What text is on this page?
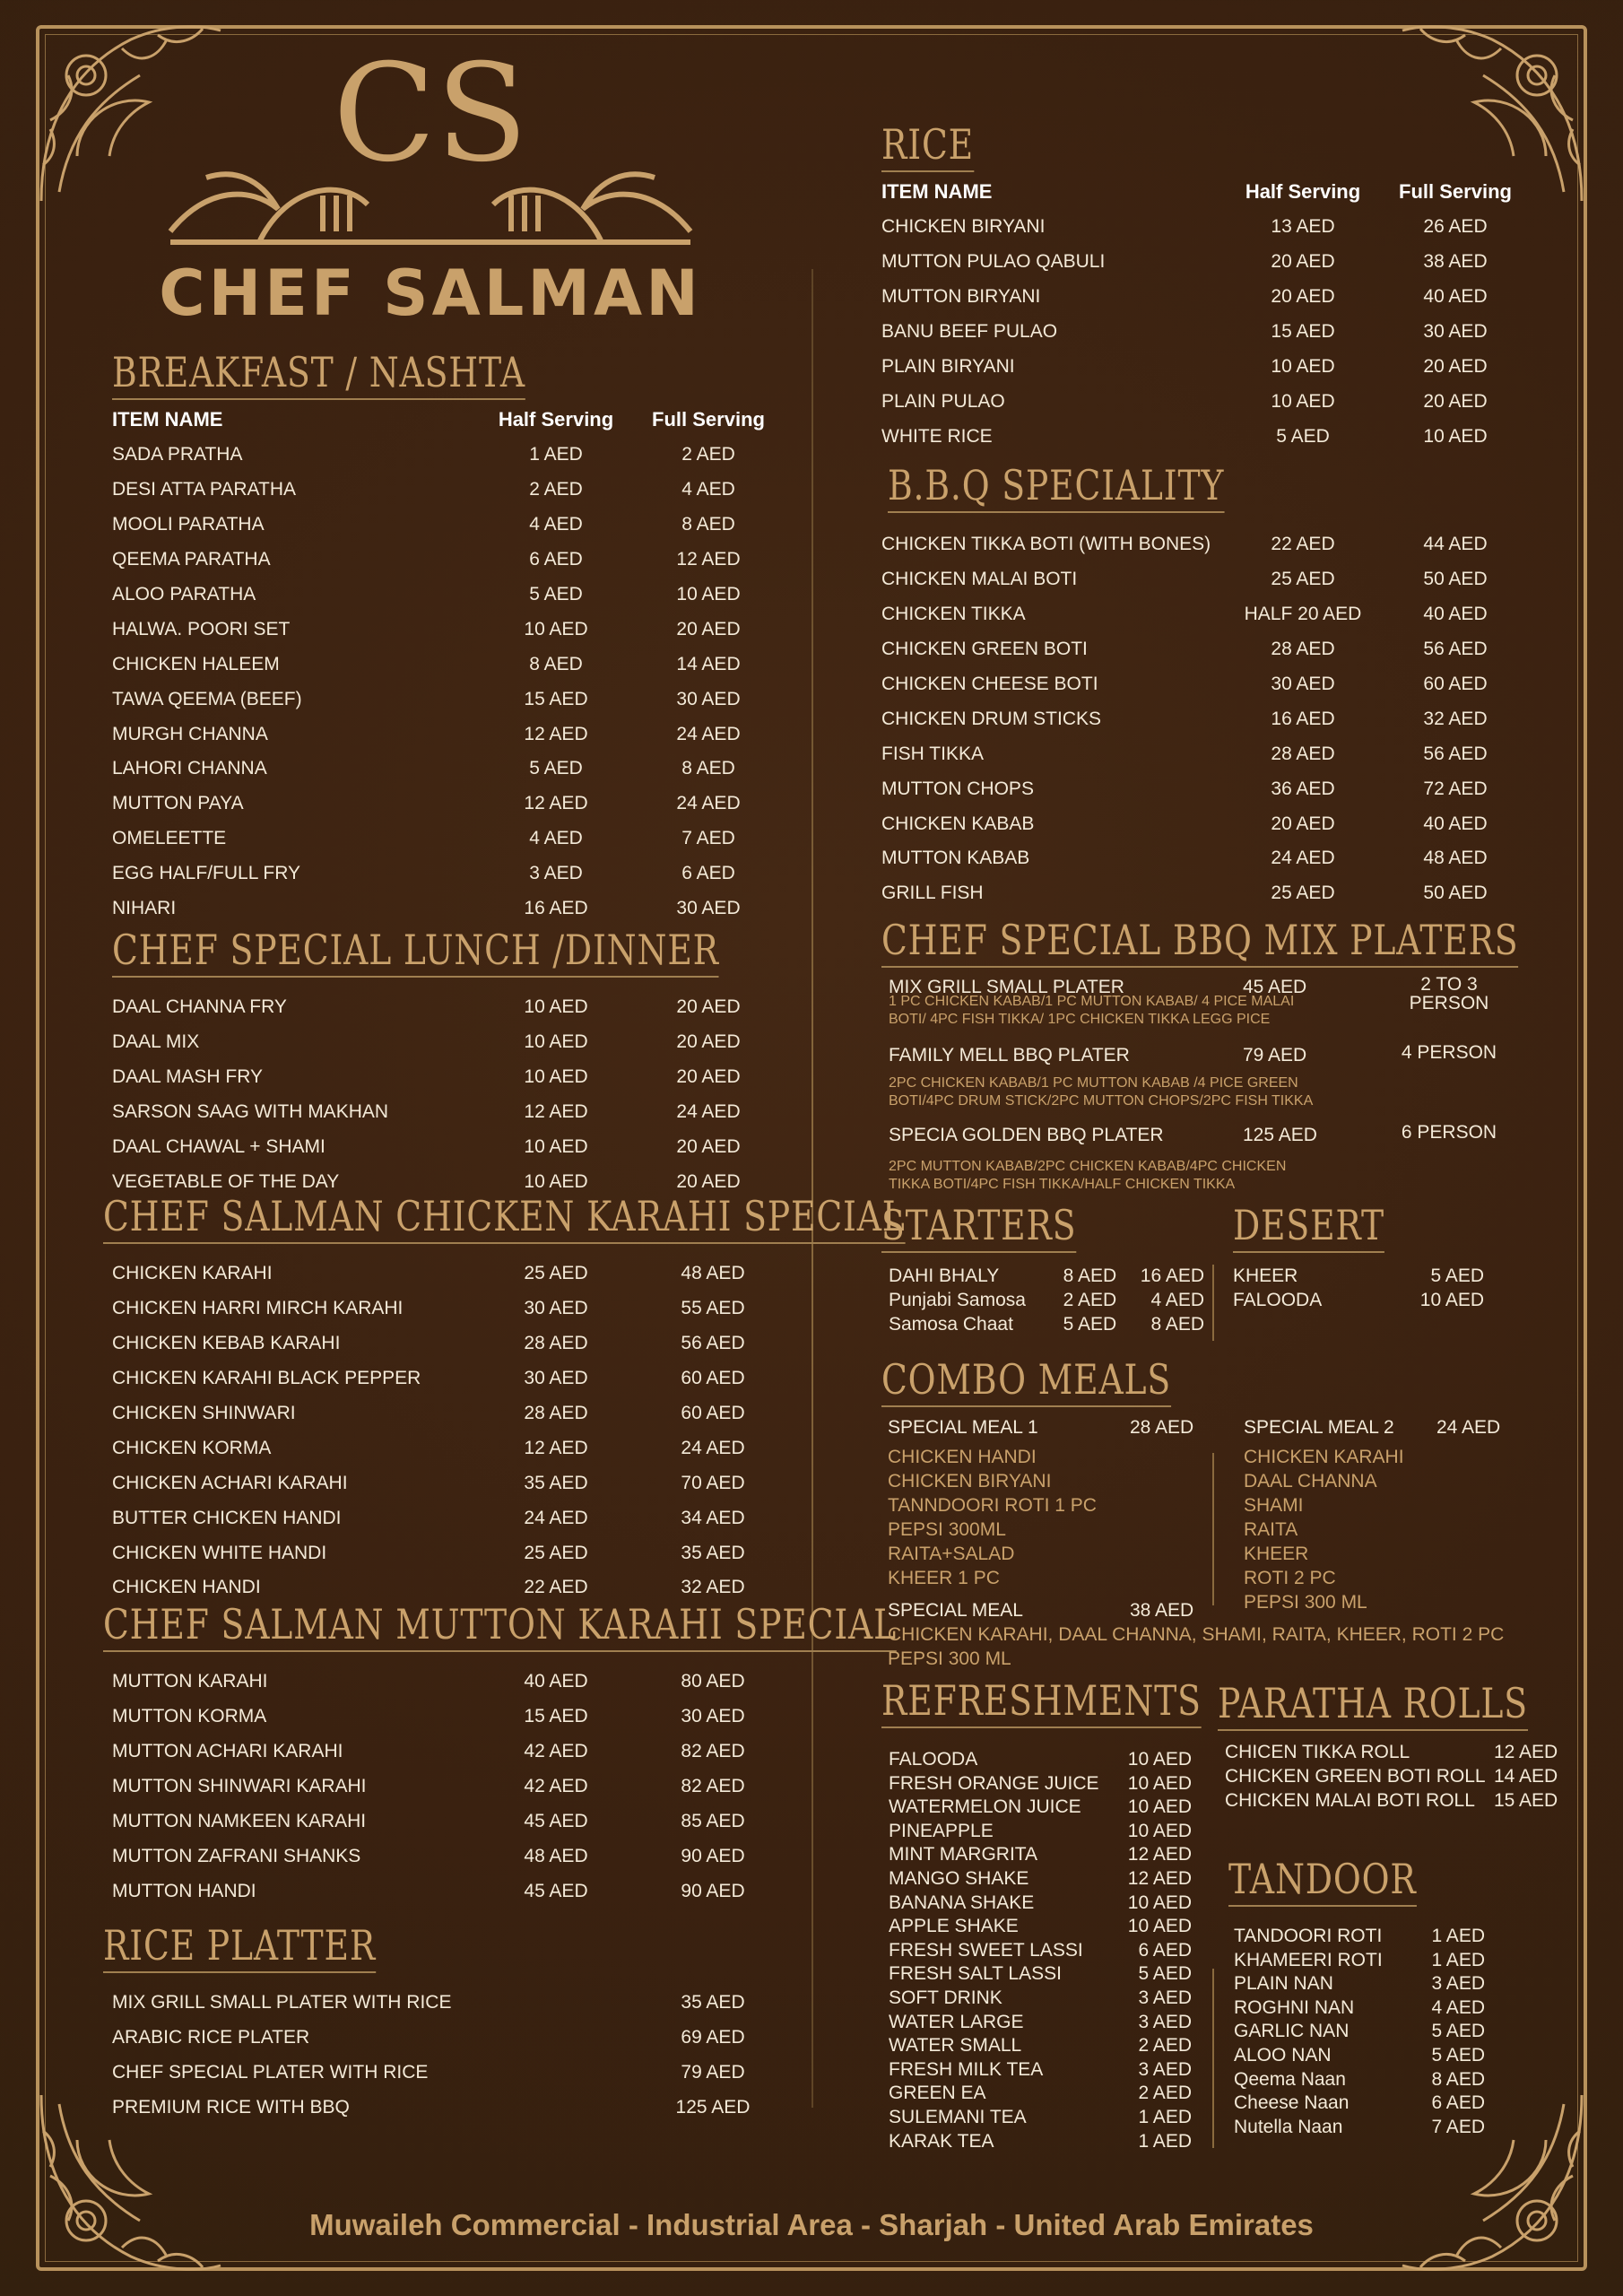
CS
CHEF SALMAN
BREAKFAST / NASHTA
ITEM NAME	Half Serving	Full Serving
SADA PRATHA	1 AED	2 AED
DESI ATTA PARATHA	2 AED	4 AED
MOOLI PARATHA	4 AED	8 AED
QEEMA PARATHA	6 AED	12 AED
ALOO PARATHA	5 AED	10 AED
HALWA. POORI SET	10 AED	20 AED
CHICKEN HALEEM	8 AED	14 AED
TAWA QEEMA (BEEF)	15 AED	30 AED
MURGH CHANNA	12 AED	24 AED
LAHORI CHANNA	5 AED	8 AED
MUTTON PAYA	12 AED	24 AED
OMELEETTE	4 AED	7 AED
EGG HALF/FULL FRY	3 AED	6 AED
NIHARI	16 AED	30 AED
CHEF SPECIAL LUNCH /DINNER
DAAL CHANNA FRY	10 AED	20 AED
DAAL MIX	10 AED	20 AED
DAAL MASH FRY	10 AED	20 AED
SARSON SAAG WITH MAKHAN	12 AED	24 AED
DAAL CHAWAL + SHAMI	10 AED	20 AED
VEGETABLE OF THE DAY	10 AED	20 AED
CHEF SALMAN CHICKEN KARAHI SPECIAL
CHICKEN KARAHI	25 AED	48 AED
CHICKEN HARRI MIRCH KARAHI	30 AED	55 AED
CHICKEN KEBAB KARAHI	28 AED	56 AED
CHICKEN KARAHI BLACK PEPPER	30 AED	60 AED
CHICKEN SHINWARI	28 AED	60 AED
CHICKEN KORMA	12 AED	24 AED
CHICKEN ACHARI KARAHI	35 AED	70 AED
BUTTER CHICKEN HANDI	24 AED	34 AED
CHICKEN WHITE HANDI	25 AED	35 AED
CHICKEN HANDI	22 AED	32 AED
CHEF SALMAN MUTTON KARAHI SPECIAL
MUTTON KARAHI	40 AED	80 AED
MUTTON KORMA	15 AED	30 AED
MUTTON ACHARI KARAHI	42 AED	82 AED
MUTTON SHINWARI KARAHI	42 AED	82 AED
MUTTON NAMKEEN KARAHI	45 AED	85 AED
MUTTON ZAFRANI SHANKS	48 AED	90 AED
MUTTON HANDI	45 AED	90 AED
RICE PLATTER
MIX GRILL SMALL PLATER WITH RICE	35 AED
ARABIC RICE PLATER	69 AED
CHEF SPECIAL PLATER WITH RICE	79 AED
PREMIUM RICE WITH BBQ	125 AED
RICE
ITEM NAME	Half Serving	Full Serving
CHICKEN BIRYANI	13 AED	26 AED
MUTTON PULAO QABULI	20 AED	38 AED
MUTTON BIRYANI	20 AED	40 AED
BANU BEEF PULAO	15 AED	30 AED
PLAIN BIRYANI	10 AED	20 AED
PLAIN PULAO	10 AED	20 AED
WHITE RICE	5 AED	10 AED
B.B.Q SPECIALITY
CHICKEN TIKKA BOTI (WITH BONES)	22 AED	44 AED
CHICKEN MALAI BOTI	25 AED	50 AED
CHICKEN TIKKA	HALF 20 AED	40 AED
CHICKEN GREEN BOTI	28 AED	56 AED
CHICKEN CHEESE BOTI	30 AED	60 AED
CHICKEN DRUM STICKS	16 AED	32 AED
FISH TIKKA	28 AED	56 AED
MUTTON CHOPS	36 AED	72 AED
CHICKEN KABAB	20 AED	40 AED
MUTTON KABAB	24 AED	48 AED
GRILL FISH	25 AED	50 AED
CHEF SPECIAL BBQ MIX PLATERS
MIX GRILL SMALL PLATER	45 AED	2 TO 3
PERSON
1 PC CHICKEN KABAB/1 PC MUTTON KABAB/ 4 PICE MALAI
BOTI/ 4PC FISH TIKKA/ 1PC CHICKEN TIKKA LEGG PICE
FAMILY MELL BBQ PLATER	79 AED	4 PERSON
2PC CHICKEN KABAB/1 PC MUTTON KABAB /4 PICE GREEN
BOTI/4PC DRUM STICK/2PC MUTTON CHOPS/2PC FISH TIKKA
SPECIA GOLDEN BBQ PLATER	125 AED	6 PERSON
2PC MUTTON KABAB/2PC CHICKEN KABAB/4PC CHICKEN
TIKKA BOTI/4PC FISH TIKKA/HALF CHICKEN TIKKA
STARTERS
DAHI BHALY	8 AED	16 AED
Punjabi Samosa	2 AED	4 AED
Samosa Chaat	5 AED	8 AED
DESERT
KHEER	5 AED
FALOODA	10 AED
COMBO MEALS
SPECIAL MEAL 1	28 AED
CHICKEN HANDI
CHICKEN BIRYANI
TANNDOORI ROTI 1 PC
PEPSI 300ML
RAITA+SALAD
KHEER 1 PC
SPECIAL MEAL 2	24 AED
CHICKEN KARAHI
DAAL CHANNA
SHAMI
RAITA
KHEER
ROTI 2 PC
PEPSI 300 ML
SPECIAL MEAL	38 AED
CHICKEN KARAHI, DAAL CHANNA, SHAMI, RAITA, KHEER, ROTI 2 PC
PEPSI 300 ML
REFRESHMENTS
FALOODA	10 AED
FRESH ORANGE JUICE	10 AED
WATERMELON JUICE	10 AED
PINEAPPLE	10 AED
MINT MARGRITA	12 AED
MANGO SHAKE	12 AED
BANANA SHAKE	10 AED
APPLE SHAKE	10 AED
FRESH SWEET LASSI	6 AED
FRESH SALT LASSI	5 AED
SOFT DRINK	3 AED
WATER LARGE	3 AED
WATER SMALL	2 AED
FRESH MILK TEA	3 AED
GREEN EA	2 AED
SULEMANI TEA	1 AED
KARAK TEA	1 AED
PARATHA ROLLS
CHICEN TIKKA ROLL	12 AED
CHICKEN GREEN BOTI ROLL 14 AED
CHICKEN MALAI BOTI ROLL	15 AED
TANDOOR
TANDOORI ROTI	1 AED
KHAMEERI ROTI	1 AED
PLAIN NAN	3 AED
ROGHNI NAN	4 AED
GARLIC NAN	5 AED
ALOO NAN	5 AED
Qeema Naan	8 AED
Cheese Naan	6 AED
Nutella Naan	7 AED
Muwaileh Commercial - Industrial Area - Sharjah - United Arab Emirates
